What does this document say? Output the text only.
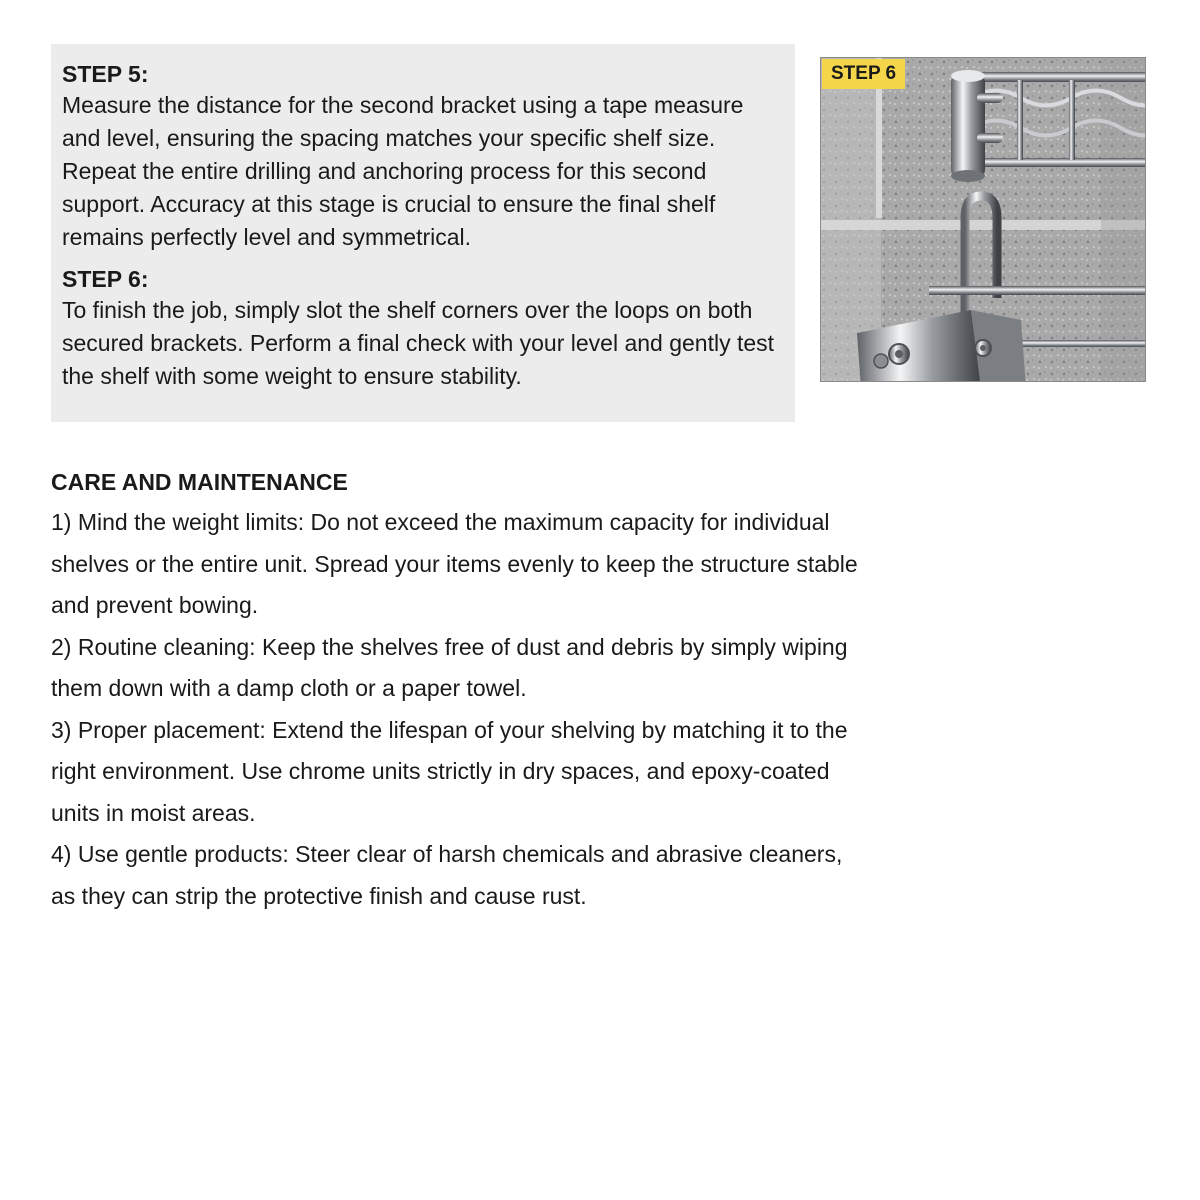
STEP 5:

Measure the distance for the second bracket using a tape measure and level, ensuring the spacing matches your specific shelf size. Repeat the entire drilling and anchoring process for this second support. Accuracy at this stage is crucial to ensure the final shelf remains perfectly level and symmetrical.

STEP 6:

To finish the job, simply slot the shelf corners over the loops on both secured brackets. Perform a final check with your level and gently test the shelf with some weight to ensure stability.

STEP 6

CARE AND MAINTENANCE

1) Mind the weight limits: Do not exceed the maximum capacity for individual shelves or the entire unit. Spread your items evenly to keep the structure stable and prevent bowing.

2) Routine cleaning: Keep the shelves free of dust and debris by simply wiping them down with a damp cloth or a paper towel.

3) Proper placement: Extend the lifespan of your shelving by matching it to the right environment. Use chrome units strictly in dry spaces, and epoxy-coated units in moist areas.

4) Use gentle products: Steer clear of harsh chemicals and abrasive cleaners, as they can strip the protective finish and cause rust.
